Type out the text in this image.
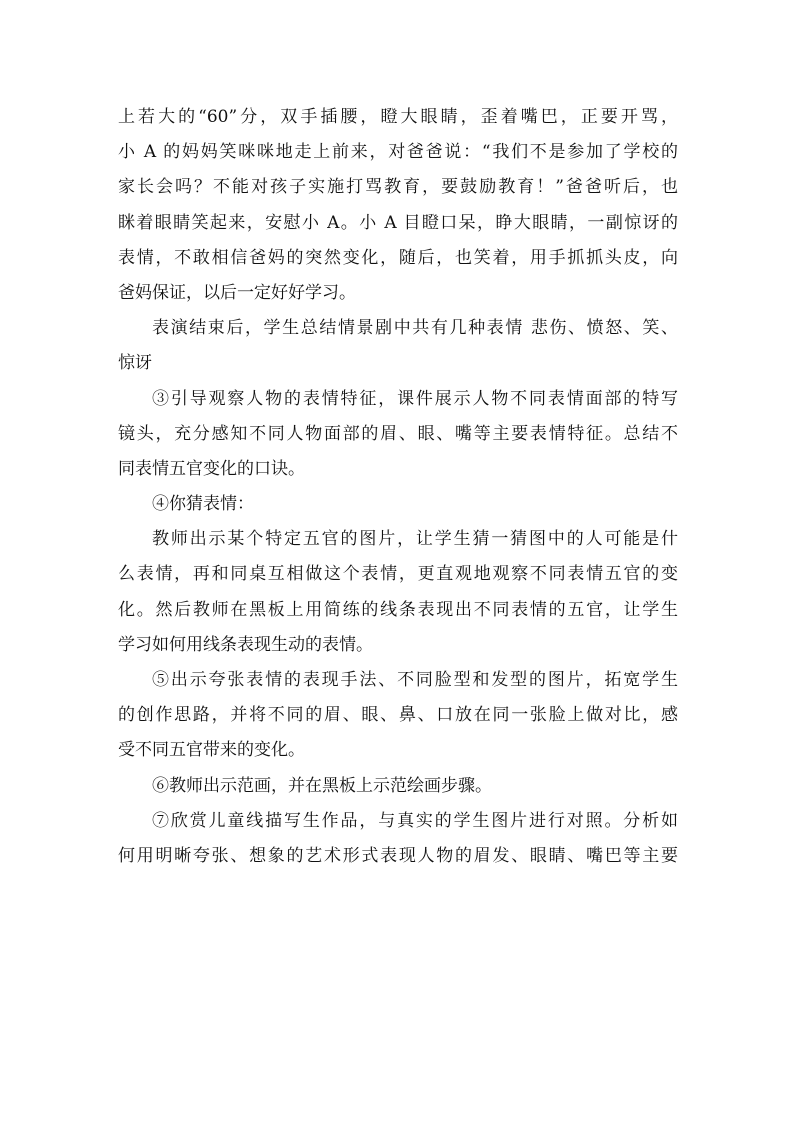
上若大的“60”分，双手插腰，瞪大眼睛，歪着嘴巴，正要开骂，
小 A 的妈妈笑咪咪地走上前来，对爸爸说：“我们不是参加了学校的
家长会吗？不能对孩子实施打骂教育，要鼓励教育！”爸爸听后，也
眯着眼睛笑起来，安慰小 A。小 A 目瞪口呆，睁大眼睛，一副惊讶的
表情，不敢相信爸妈的突然变化，随后，也笑着，用手抓抓头皮，向
爸妈保证，以后一定好好学习。
表演结束后，学生总结情景剧中共有几种表情 悲伤、愤怒、笑、
惊讶
③引导观察人物的表情特征，课件展示人物不同表情面部的特写
镜头，充分感知不同人物面部的眉、眼、嘴等主要表情特征。总结不
同表情五官变化的口诀。
④你猜表情：
教师出示某个特定五官的图片，让学生猜一猜图中的人可能是什
么表情，再和同桌互相做这个表情，更直观地观察不同表情五官的变
化。然后教师在黑板上用简练的线条表现出不同表情的五官，让学生
学习如何用线条表现生动的表情。
⑤出示夸张表情的表现手法、不同脸型和发型的图片，拓宽学生
的创作思路，并将不同的眉、眼、鼻、口放在同一张脸上做对比，感
受不同五官带来的变化。
⑥教师出示范画，并在黑板上示范绘画步骤。
⑦欣赏儿童线描写生作品，与真实的学生图片进行对照。分析如
何用明晰夸张、想象的艺术形式表现人物的眉发、眼睛、嘴巴等主要
